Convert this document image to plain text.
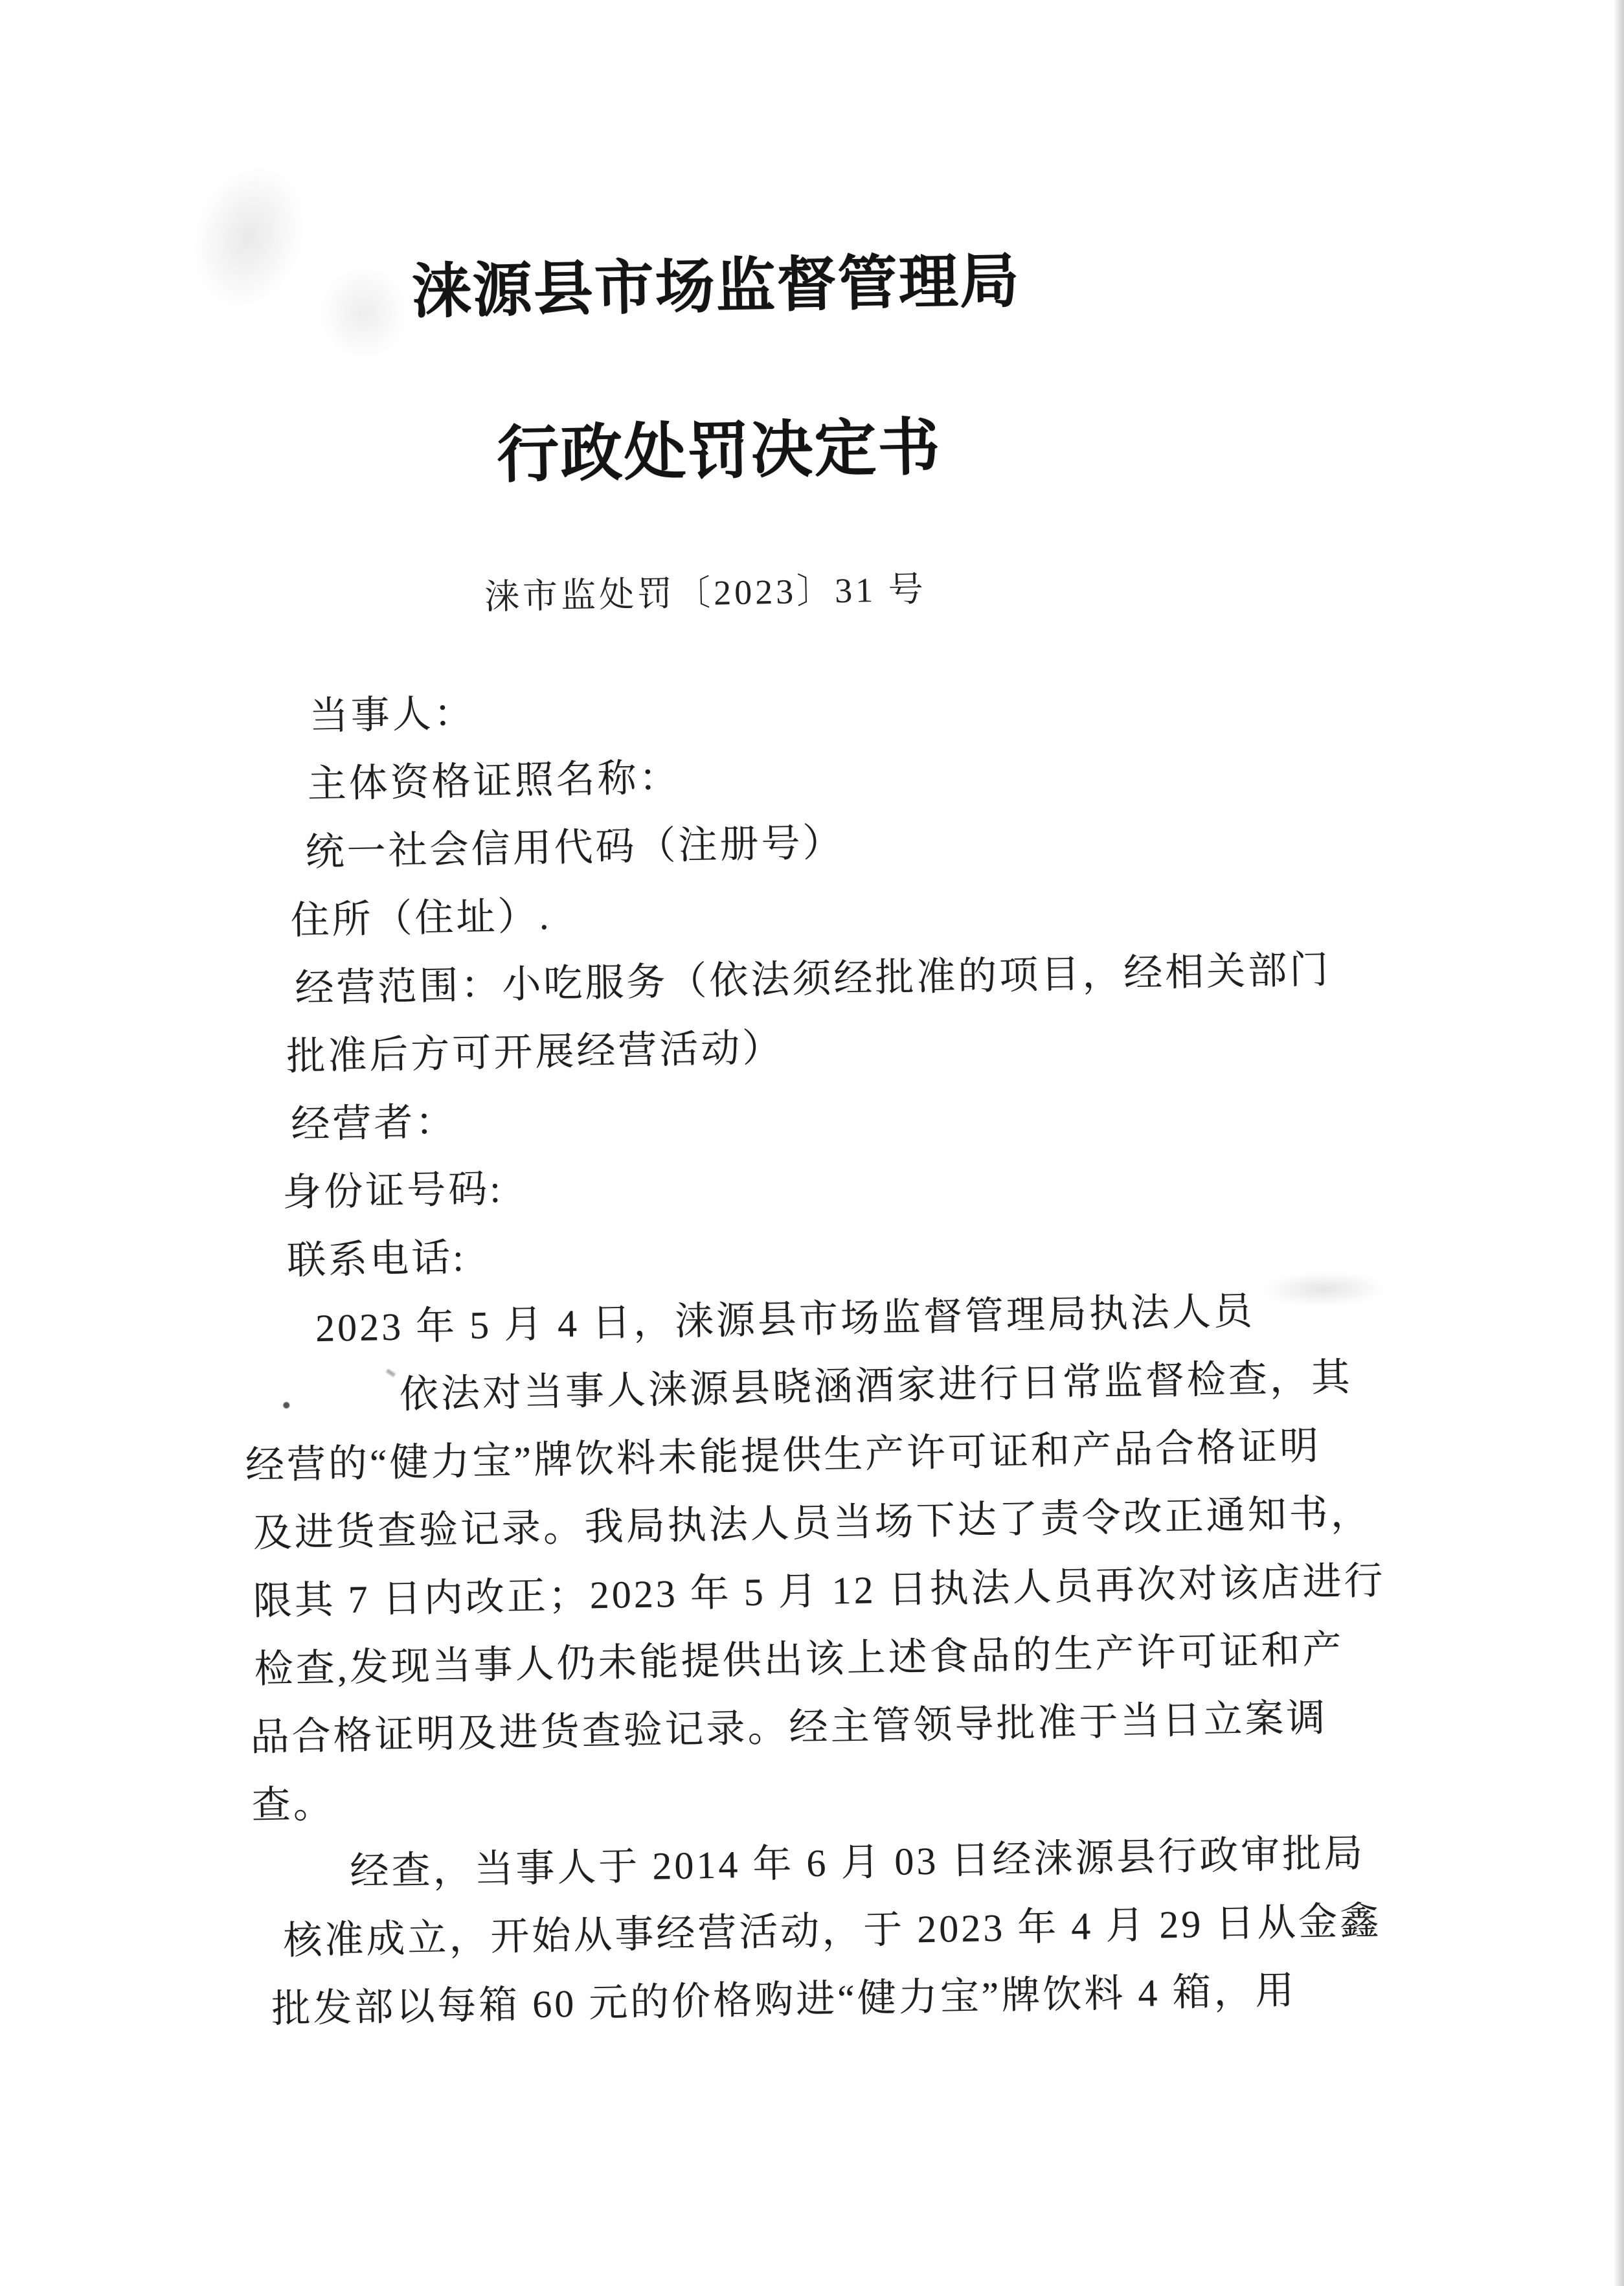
涞源县市场监督管理局
行政处罚决定书
涞市监处罚〔2023〕31 号
当事人：
主体资格证照名称：
统一社会信用代码（注册号）
住所（住址）.
经营范围：小吃服务（依法须经批准的项目，经相关部门
批准后方可开展经营活动）
经营者：
身份证号码:
联系电话:
2023 年 5 月 4 日，涞源县市场监督管理局执法人员
依法对当事人涞源县晓涵酒家进行日常监督检查，其
经营的“健力宝”牌饮料未能提供生产许可证和产品合格证明
及进货查验记录。我局执法人员当场下达了责令改正通知书，
限其 7 日内改正；2023 年 5 月 12 日执法人员再次对该店进行
检查,发现当事人仍未能提供出该上述食品的生产许可证和产
品合格证明及进货查验记录。经主管领导批准于当日立案调
查。
经查，当事人于 2014 年 6 月 03 日经涞源县行政审批局
核准成立，开始从事经营活动，于 2023 年 4 月 29 日从金鑫
批发部以每箱 60 元的价格购进“健力宝”牌饮料 4 箱，用
